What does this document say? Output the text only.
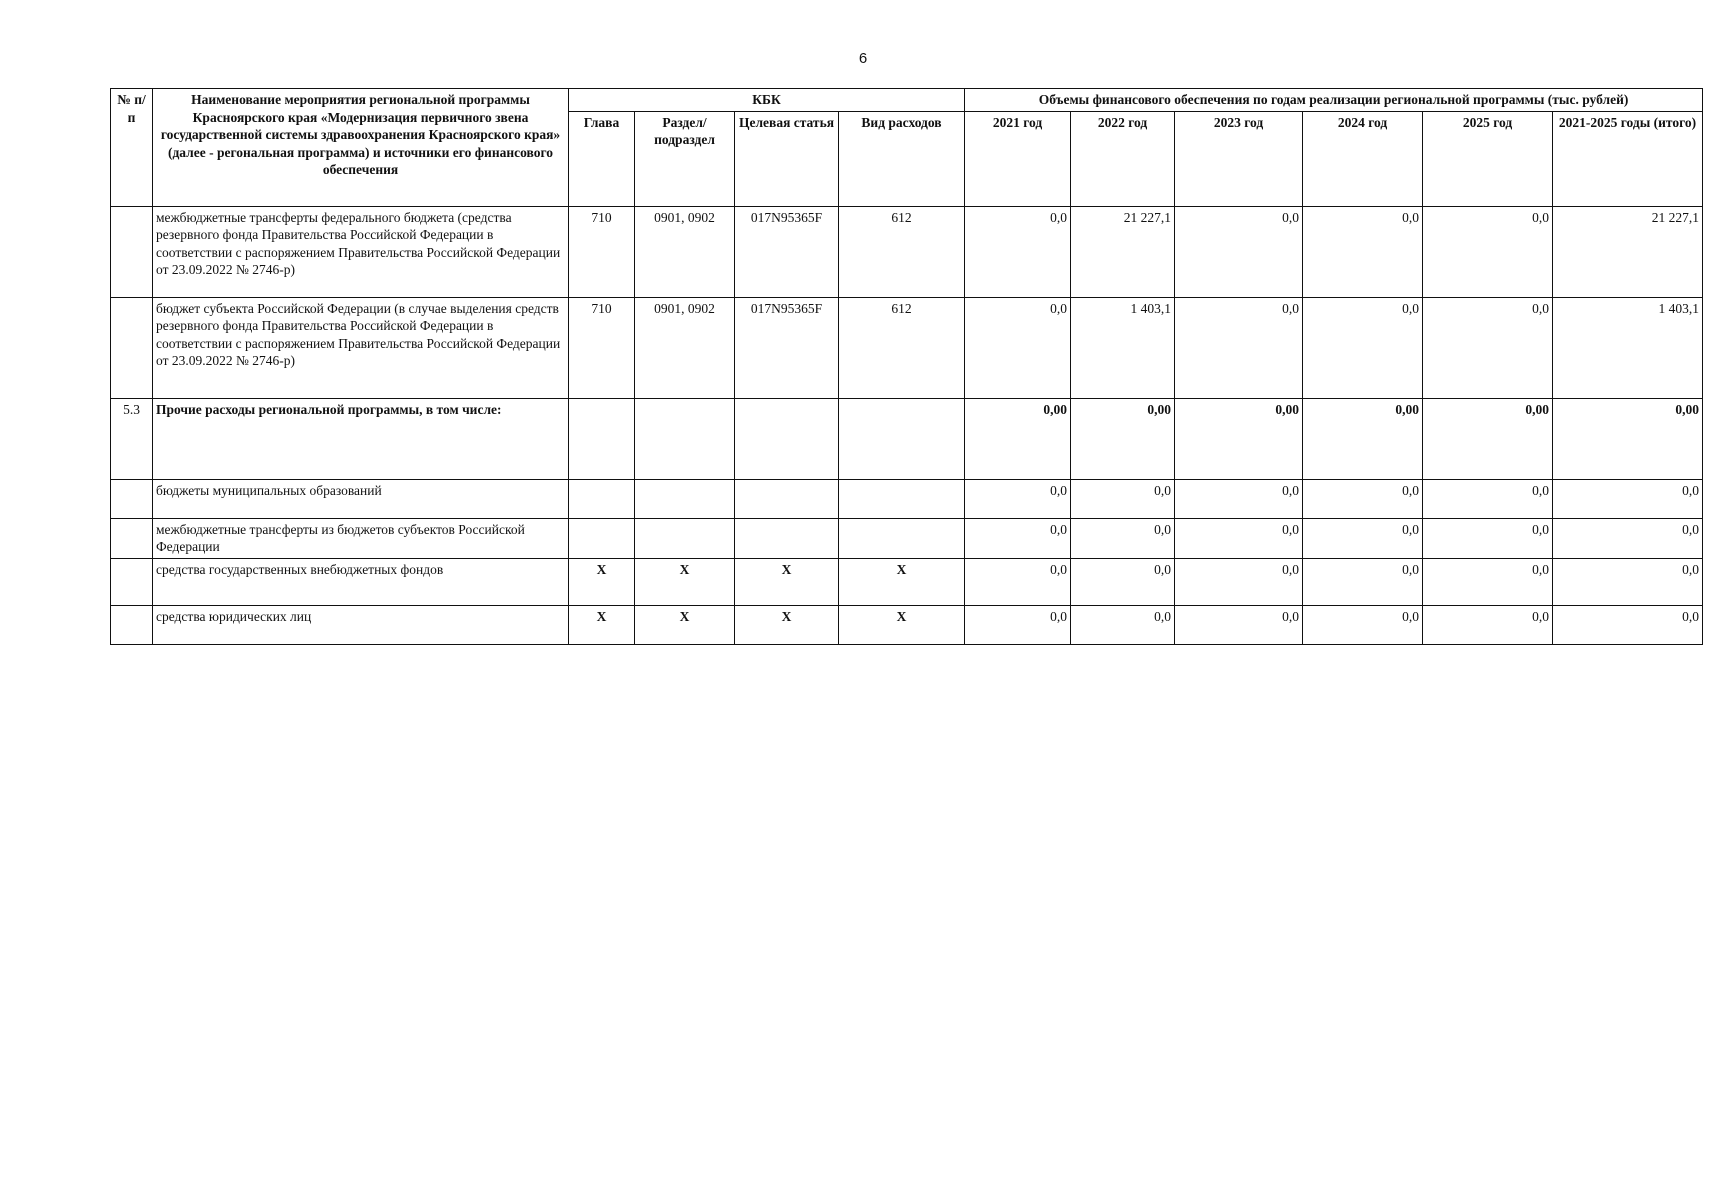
6
№ п/п	Наименование мероприятия региональной программы Красноярского края «Модернизация первичного звена государственной системы здравоохранения Красноярского края» (далее - регональная программа) и источники его финансового обеспечения	КБК				Объемы финансового обеспечения по годам реализации региональной программы (тыс. рублей)					
		Глава	Раздел/ подраздел	Целевая статья	Вид расходов	2021 год	2022 год	2023 год	2024 год	2025 год	2021-2025 годы (итого)
	межбюджетные трансферты федерального бюджета (средства резервного фонда Правительства Российской Федерации в соответствии с распоряжением Правительства Российской Федерации от 23.09.2022 № 2746-р)	710	0901, 0902	017N95365F	612	0,0	21 227,1	0,0	0,0	0,0	21 227,1
	бюджет субъекта Российской Федерации (в случае выделения средств резервного фонда Правительства Российской Федерации в соответствии с распоряжением Правительства Российской Федерации от 23.09.2022 № 2746-р)	710	0901, 0902	017N95365F	612	0,0	1 403,1	0,0	0,0	0,0	1 403,1
5.3	Прочие расходы региональной программы, в том числе:					0,00	0,00	0,00	0,00	0,00	0,00
	бюджеты муниципальных образований					0,0	0,0	0,0	0,0	0,0	0,0
	межбюджетные трансферты из бюджетов субъектов Российской Федерации					0,0	0,0	0,0	0,0	0,0	0,0
	средства государственных внебюджетных фондов	X	X	X	X	0,0	0,0	0,0	0,0	0,0	0,0
	средства юридических лиц	X	X	X	X	0,0	0,0	0,0	0,0	0,0	0,0
